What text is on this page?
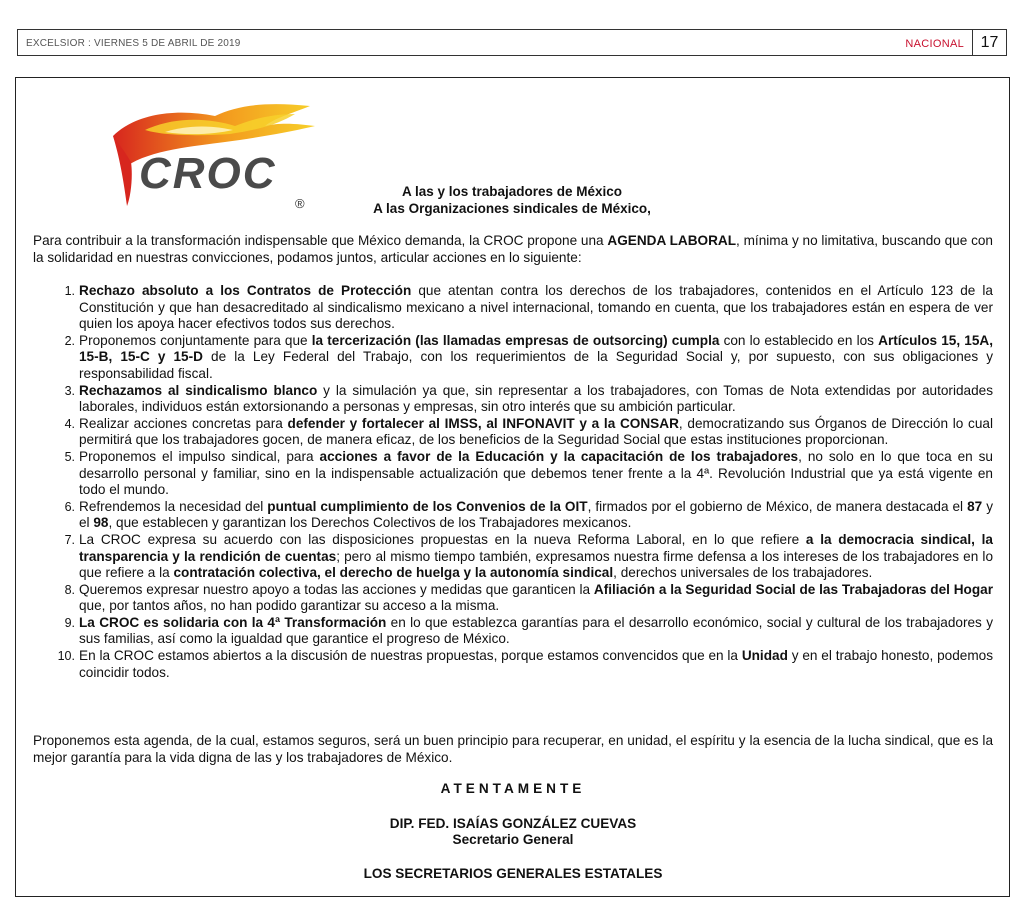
EXCELSIOR : VIERNES 5 DE ABRIL DE 2019	NACIONAL	17
CROC
®
A las y los trabajadores de México
A las Organizaciones sindicales de México,
Para contribuir a la transformación indispensable que México demanda, la CROC propone una AGENDA LABORAL, mínima y no limitativa, buscando que con la solidaridad en nuestras convicciones, podamos juntos, articular acciones en lo siguiente:
1. Rechazo absoluto a los Contratos de Protección que atentan contra los derechos de los trabajadores, contenidos en el Artículo 123 de la Constitución y que han desacreditado al sindicalismo mexicano a nivel internacional, tomando en cuenta, que los trabajadores están en espera de ver quien los apoya hacer efectivos todos sus derechos.
2. Proponemos conjuntamente para que la tercerización (las llamadas empresas de outsorcing) cumpla con lo establecido en los Artículos 15, 15A, 15-B, 15-C y 15-D de la Ley Federal del Trabajo, con los requerimientos de la Seguridad Social y, por supuesto, con sus obligaciones y responsabilidad fiscal.
3. Rechazamos al sindicalismo blanco y la simulación ya que, sin representar a los trabajadores, con Tomas de Nota extendidas por autoridades laborales, individuos están extorsionando a personas y empresas, sin otro interés que su ambición particular.
4. Realizar acciones concretas para defender y fortalecer al IMSS, al INFONAVIT y a la CONSAR, democratizando sus Órganos de Dirección lo cual permitirá que los trabajadores gocen, de manera eficaz, de los beneficios de la Seguridad Social que estas instituciones proporcionan.
5. Proponemos el impulso sindical, para acciones a favor de la Educación y la capacitación de los trabajadores, no solo en lo que toca en su desarrollo personal y familiar, sino en la indispensable actualización que debemos tener frente a la 4ª. Revolución Industrial que ya está vigente en todo el mundo.
6. Refrendemos la necesidad del puntual cumplimiento de los Convenios de la OIT, firmados por el gobierno de México, de manera destacada el 87 y el 98, que establecen y garantizan los Derechos Colectivos de los Trabajadores mexicanos.
7. La CROC expresa su acuerdo con las disposiciones propuestas en la nueva Reforma Laboral, en lo que refiere a la democracia sindical, la transparencia y la rendición de cuentas; pero al mismo tiempo también, expresamos nuestra firme defensa a los intereses de los trabajadores en lo que refiere a la contratación colectiva, el derecho de huelga y la autonomía sindical, derechos universales de los trabajadores.
8. Queremos expresar nuestro apoyo a todas las acciones y medidas que garanticen la Afiliación a la Seguridad Social de las Trabajadoras del Hogar que, por tantos años, no han podido garantizar su acceso a la misma.
9. La CROC es solidaria con la 4ª Transformación en lo que establezca garantías para el desarrollo económico, social y cultural de los trabajadores y sus familias, así como la igualdad que garantice el progreso de México.
10. En la CROC estamos abiertos a la discusión de nuestras propuestas, porque estamos convencidos que en la Unidad y en el trabajo honesto, podemos coincidir todos.
Proponemos esta agenda, de la cual, estamos seguros, será un buen principio para recuperar, en unidad, el espíritu y la esencia de la lucha sindical, que es la mejor garantía para la vida digna de las y los trabajadores de México.
ATENTAMENTE
DIP. FED. ISAÍAS GONZÁLEZ CUEVAS
Secretario General
LOS SECRETARIOS GENERALES ESTATALES
